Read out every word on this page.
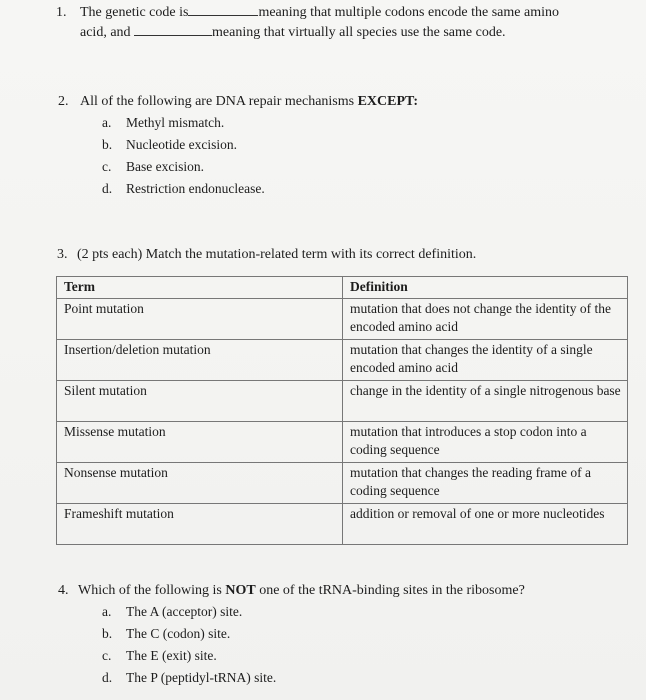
1. The genetic code is	meaning that multiple codons encode the same amino
acid, and	meaning that virtually all species use the same code.
2. All of the following are DNA repair mechanisms EXCEPT:
a. Methyl mismatch.
b. Nucleotide excision.
c. Base excision.
d. Restriction endonuclease.
3. (2 pts each) Match the mutation-related term with its correct definition.
Term	Definition
Point mutation	mutation that does not change the identity of the encoded amino acid
Insertion/deletion mutation	mutation that changes the identity of a single encoded amino acid
Silent mutation	change in the identity of a single nitrogenous base
Missense mutation	mutation that introduces a stop codon into a coding sequence
Nonsense mutation	mutation that changes the reading frame of a coding sequence
Frameshift mutation	addition or removal of one or more nucleotides
4. Which of the following is NOT one of the tRNA-binding sites in the ribosome?
a. The A (acceptor) site.
b. The C (codon) site.
c. The E (exit) site.
d. The P (peptidyl-tRNA) site.
